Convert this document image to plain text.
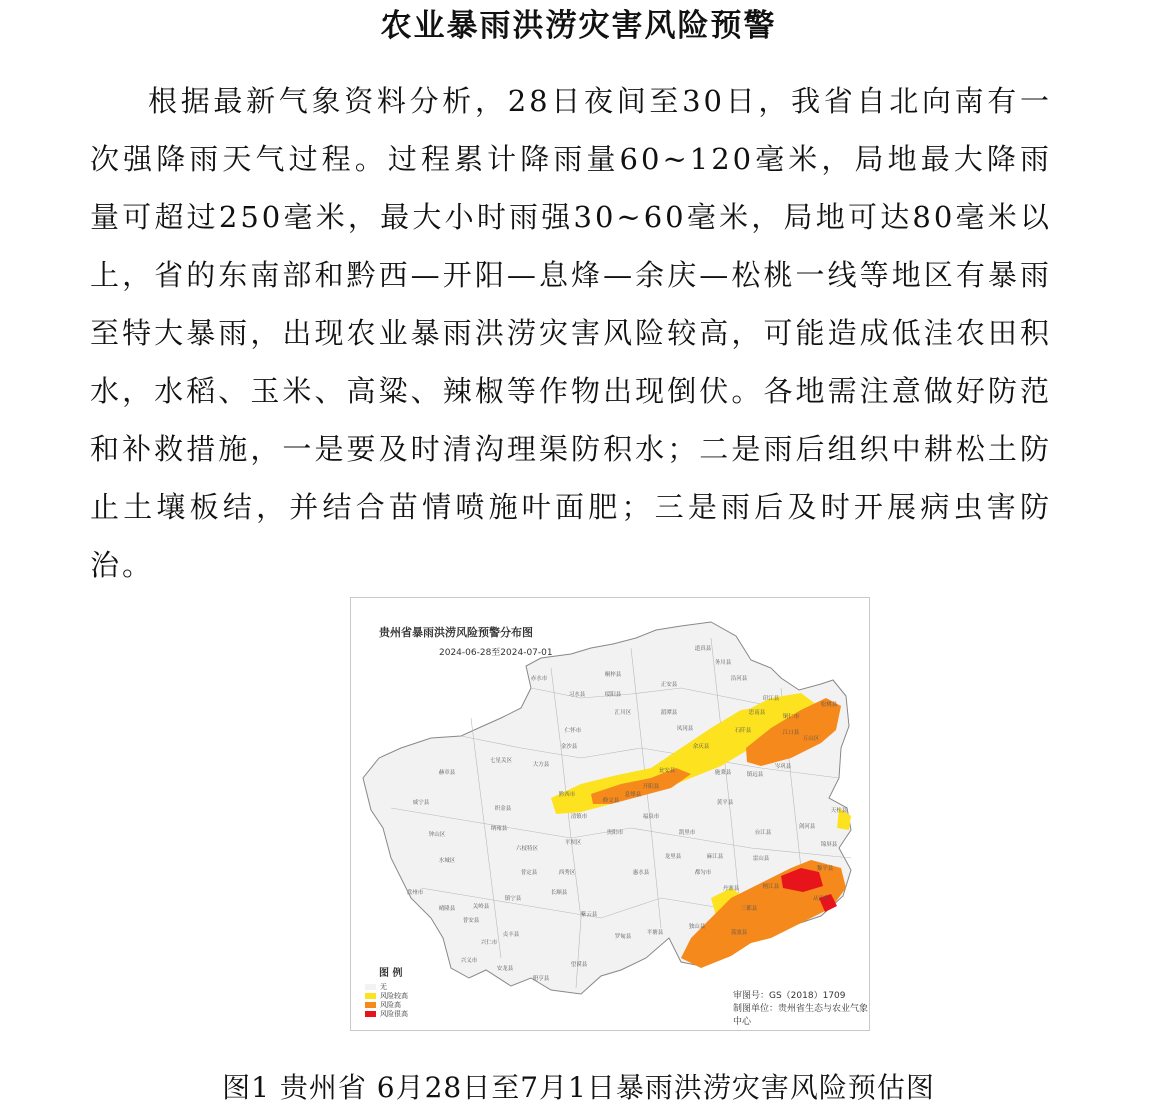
农业暴雨洪涝灾害风险预警

根据最新气象资料分析，28日夜间至30日，我省自北向南有一次强降雨天气过程。过程累计降雨量60~120毫米，局地最大降雨量可超过250毫米，最大小时雨强30~60毫米，局地可达80毫米以上，省的东南部和黔西—开阳—息烽—余庆—松桃一线等地区有暴雨至特大暴雨，出现农业暴雨洪涝灾害风险较高，可能造成低洼农田积水，水稻、玉米、高粱、辣椒等作物出现倒伏。各地需注意做好防范和补救措施，一是要及时清沟理渠防积水；二是雨后组织中耕松土防止土壤板结，并结合苗情喷施叶面肥；三是雨后及时开展病虫害防治。

道真县
务川县
赤水市
桐梓县
正安县
沿河县
习水县	绥阳县
印江县
松桃县
汇川区	湄潭县	思南县
铜仁市
仁怀市	凤冈县	石阡县	江口县
金沙县	余庆县
万山区
七星关区
大方县
黔西市	息烽县
开阳县
瓮安县	施秉县	镇远县
岑巩县
赫章县
威宁县
织金县
清镇市
修文县
福泉市
黄平县
天柱县
钟山区
纳雍县
贵阳市	凯里市	台江县
剑河县
锦屏县
水城区
六枝特区
平坝区
龙里县	麻江县	雷山县
黎平县
盘州市
普定县	西秀区	惠水县	都匀市
丹寨县	榕江县
从江县
晴隆县	关岭县
镇宁县
长顺县
三都县
普安县
兴仁市
贞丰县
紫云县
罗甸县
平塘县
独山县
荔波县
兴义市
安龙县
册亨县
望谟县
贵州省暴雨洪涝风险预警分布图
2024-06-28至2024-07-01
图 例
无
风险较高
风险高
风险很高
审图号：GS（2018）1709
制图单位：贵州省生态与农业气象中心
图1 贵州省 6月28日至7月1日暴雨洪涝灾害风险预估图
